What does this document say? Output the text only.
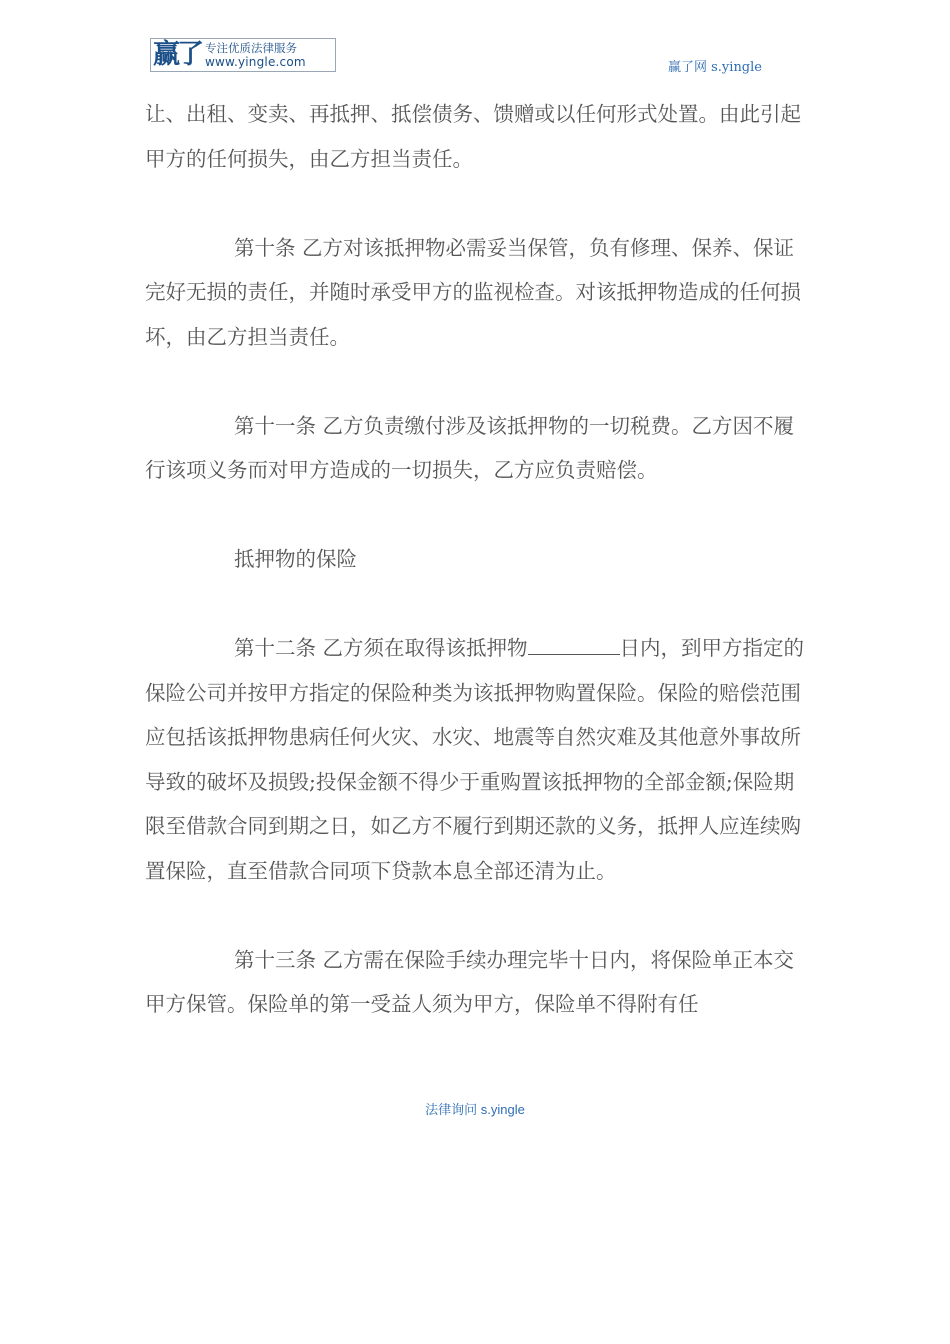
赢了 专注优质法律服务
www.yingle.com	赢了网 s.yingle

让、出租、变卖、再抵押、抵偿债务、馈赠或以任何形式处置。由此引起甲方的任何损失，由乙方担当责任。

第十条 乙方对该抵押物必需妥当保管，负有修理、保养、保证完好无损的责任，并随时承受甲方的监视检查。对该抵押物造成的任何损坏，由乙方担当责任。

第十一条 乙方负责缴付涉及该抵押物的一切税费。乙方因不履行该项义务而对甲方造成的一切损失，乙方应负责赔偿。

抵押物的保险

第十二条 乙方须在取得该抵押物	日内，到甲方指定的保险公司并按甲方指定的保险种类为该抵押物购置保险。保险的赔偿范围应包括该抵押物患病任何火灾、水灾、地震等自然灾难及其他意外事故所导致的破坏及损毁;投保金额不得少于重购置该抵押物的全部金额;保险期限至借款合同到期之日，如乙方不履行到期还款的义务，抵押人应连续购置保险，直至借款合同项下贷款本息全部还清为止。

第十三条 乙方需在保险手续办理完毕十日内，将保险单正本交甲方保管。保险单的第一受益人须为甲方，保险单不得附有任

法律询问 s.yingle
